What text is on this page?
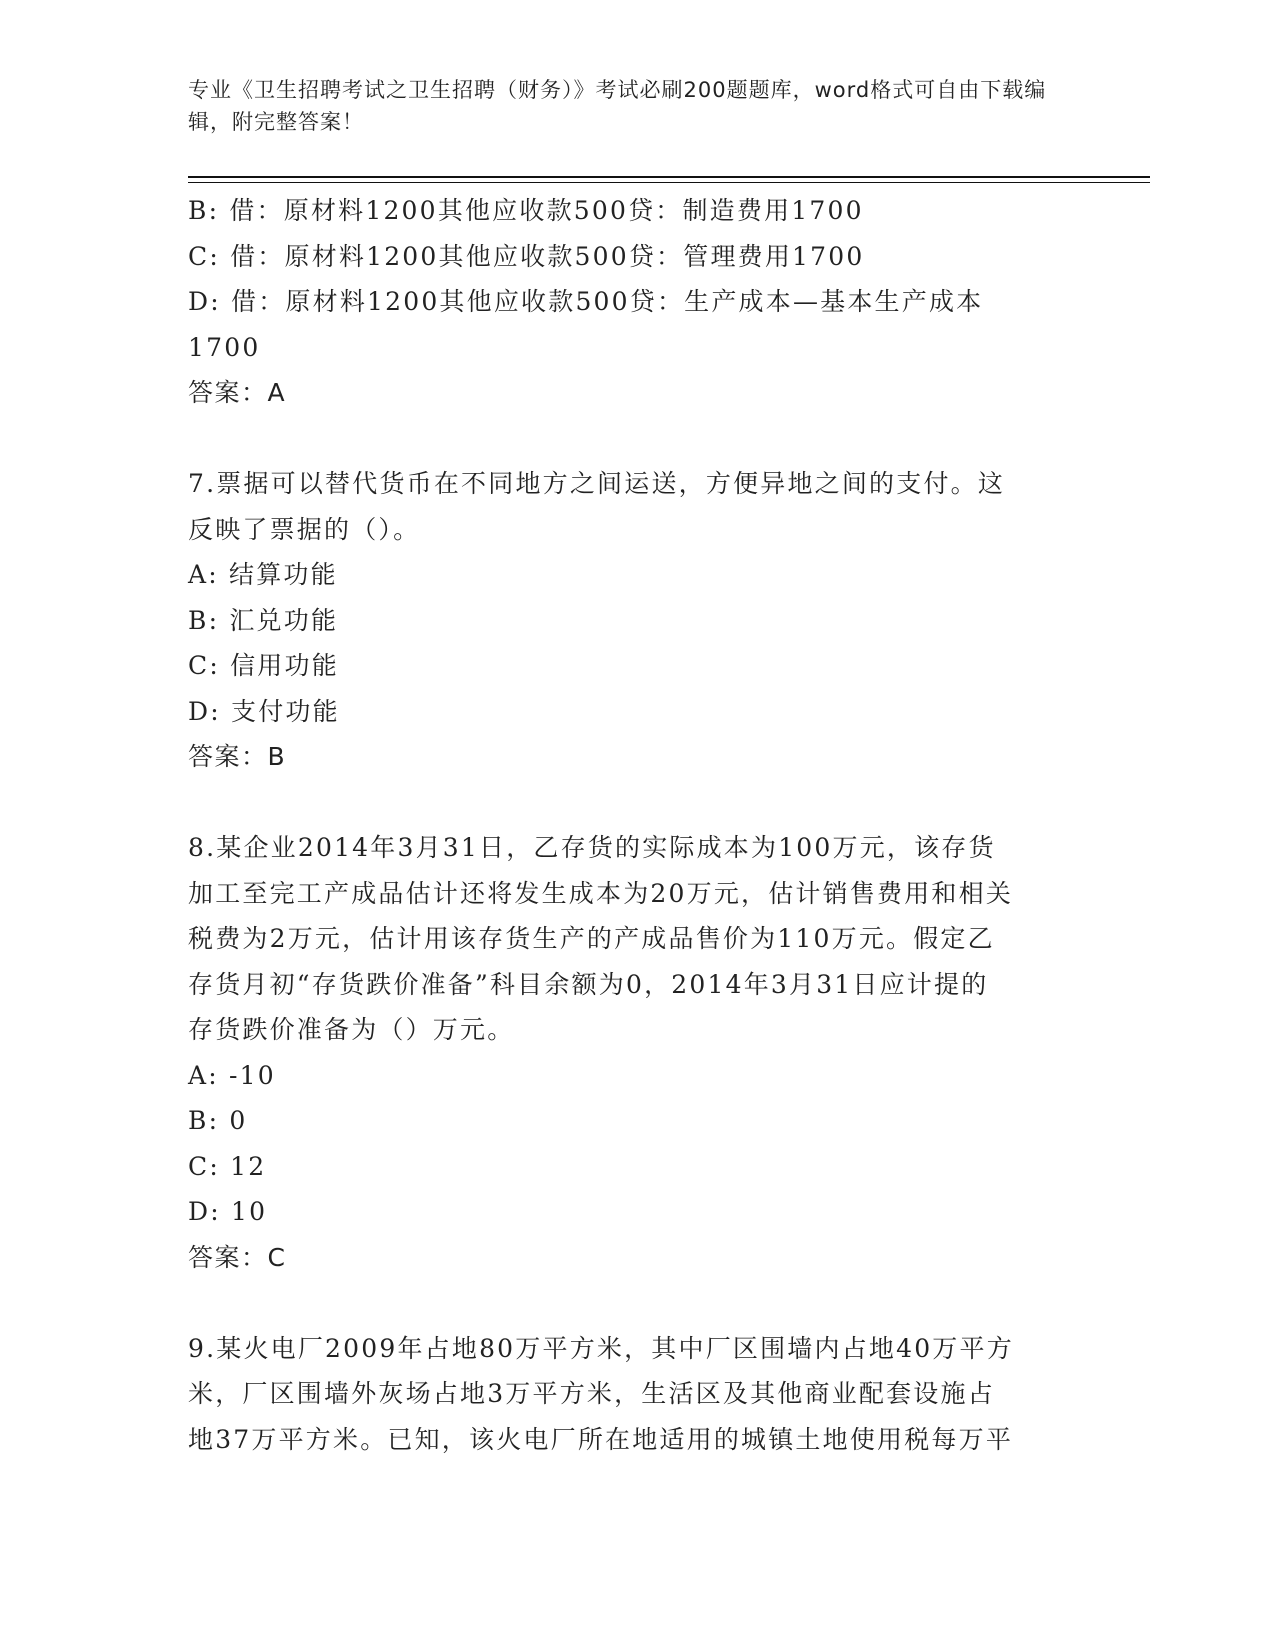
专业《卫生招聘考试之卫生招聘（财务）》考试必刷200题题库，word格式可自由下载编辑，附完整答案！
B: 借：原材料1200其他应收款500贷：制造费用1700
C: 借：原材料1200其他应收款500贷：管理费用1700
D: 借：原材料1200其他应收款500贷：生产成本—基本生产成本
1700
答案：A
7.票据可以替代货币在不同地方之间运送，方便异地之间的支付。这
反映了票据的（）。
A: 结算功能
B: 汇兑功能
C: 信用功能
D: 支付功能
答案：B
8.某企业2014年3月31日，乙存货的实际成本为100万元，该存货
加工至完工产成品估计还将发生成本为20万元，估计销售费用和相关
税费为2万元，估计用该存货生产的产成品售价为110万元。假定乙
存货月初“存货跌价准备”科目余额为0，2014年3月31日应计提的
存货跌价准备为（）万元。
A: -10
B: 0
C: 12
D: 10
答案：C
9.某火电厂2009年占地80万平方米，其中厂区围墙内占地40万平方
米，厂区围墙外灰场占地3万平方米，生活区及其他商业配套设施占
地37万平方米。已知，该火电厂所在地适用的城镇土地使用税每万平
